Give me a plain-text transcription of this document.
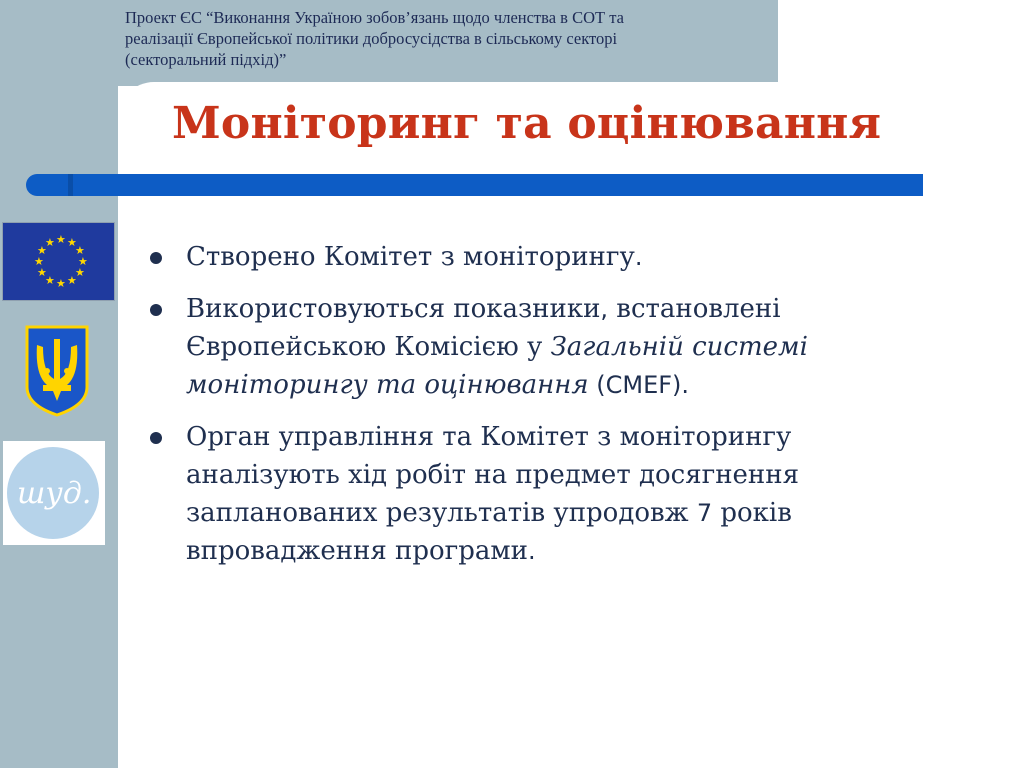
Проект ЄС “Виконання Україною зобов’язань щодо членства в СОТ та
реалізації Європейської політики добросусідства в сільському секторі
(секторальний підхід)”
Моніторинг та оцінювання
★ ★
★
★
★
★
★
★
★
★
★
★
шуд.
Створено Комітет з моніторингу.
Використовуються показники, встановлені Європейською Комісією у Загальній системі моніторингу та оцінювання (CMEF).
Орган управління та Комітет з моніторингу аналізують хід робіт на предмет досягнення запланованих результатів упродовж 7 років впровадження програми.
